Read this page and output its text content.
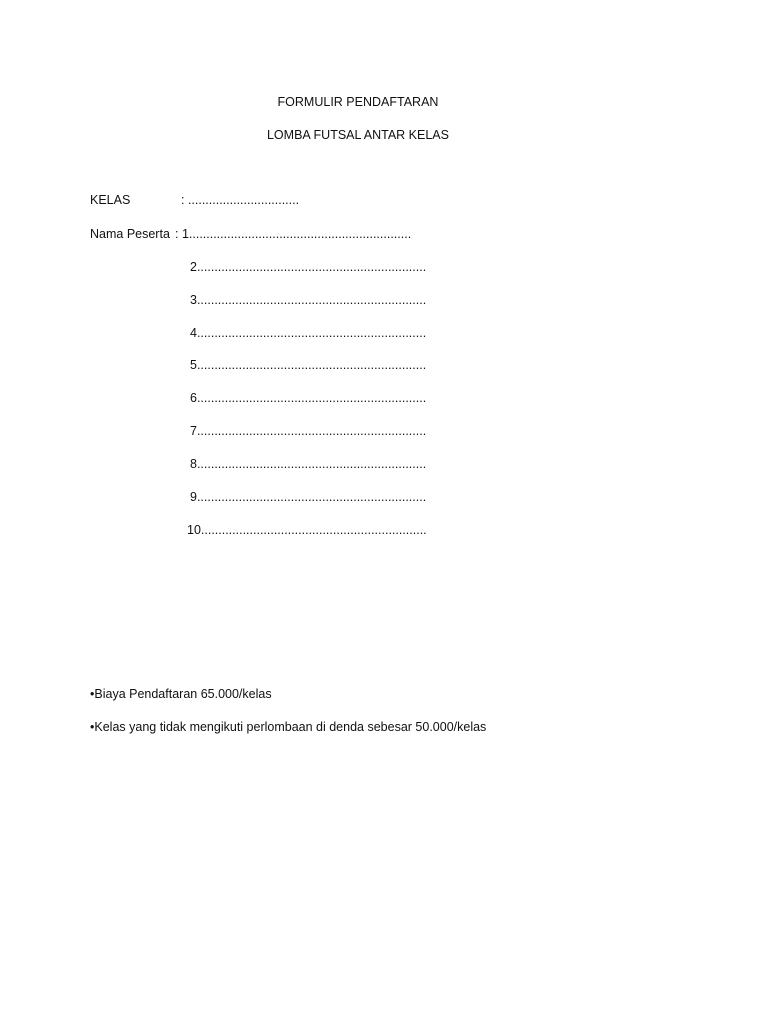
FORMULIR PENDAFTARAN
LOMBA FUTSAL ANTAR KELAS
KELAS	: ................................
Nama Peserta : 1................................................................
2..................................................................
3..................................................................
4..................................................................
5..................................................................
6..................................................................
7..................................................................
8..................................................................
9..................................................................
10.................................................................
•Biaya Pendaftaran 65.000/kelas
•Kelas yang tidak mengikuti perlombaan di denda sebesar 50.000/kelas
